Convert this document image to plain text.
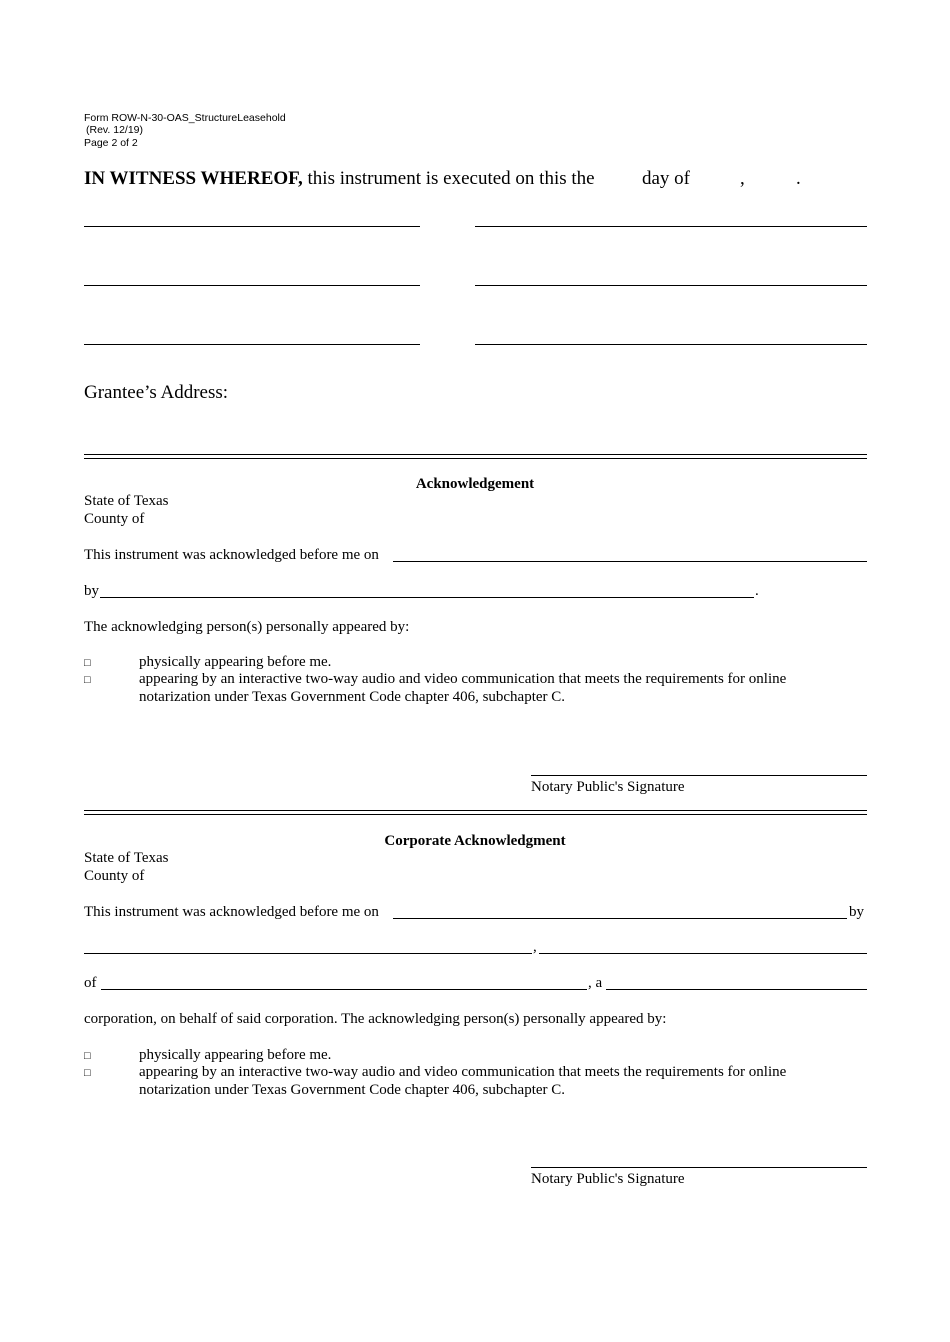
Form ROW-N-30-OAS_StructureLeasehold
(Rev. 12/19)
Page 2 of 2
IN WITNESS WHEREOF, this instrument is executed on this the day of	,	.
Grantee’s Address:
Acknowledgement
State of Texas
County of
This instrument was acknowledged before me on
by	.
The acknowledging person(s) personally appeared by:
□	physically appearing before me.
□	appearing by an interactive two-way audio and video communication that meets the requirements for online
notarization under Texas Government Code chapter 406, subchapter C.
Notary Public's Signature
Corporate Acknowledgment
State of Texas
County of
This instrument was acknowledged before me on	by
,
of	, a
corporation, on behalf of said corporation. The acknowledging person(s) personally appeared by:
□	physically appearing before me.
□	appearing by an interactive two-way audio and video communication that meets the requirements for online
notarization under Texas Government Code chapter 406, subchapter C.
Notary Public's Signature
